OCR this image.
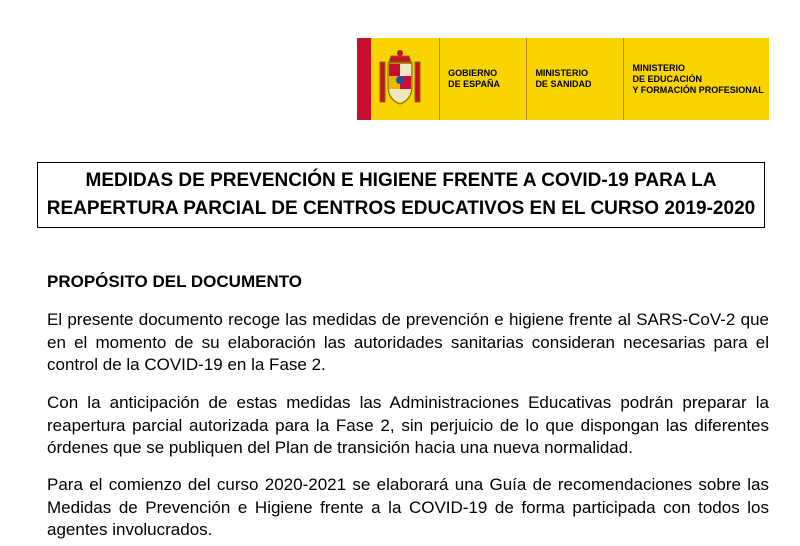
GOBIERNO
DE ESPAÑA
MINISTERIO
DE SANIDAD
MINISTERIO
DE EDUCACIÓN
Y FORMACIÓN PROFESIONAL
MEDIDAS DE PREVENCIÓN E HIGIENE FRENTE A COVID-19 PARA LA
REAPERTURA PARCIAL DE CENTROS EDUCATIVOS EN EL CURSO 2019-2020
PROPÓSITO DEL DOCUMENTO

El presente documento recoge las medidas de prevención e higiene frente al SARS-CoV-2 que en el momento de su elaboración las autoridades sanitarias consideran necesarias para el control de la COVID-19 en la Fase 2.

Con la anticipación de estas medidas las Administraciones Educativas podrán preparar la reapertura parcial autorizada para la Fase 2, sin perjuicio de lo que dispongan las diferentes órdenes que se publiquen del Plan de transición hacia una nueva normalidad.

Para el comienzo del curso 2020-2021 se elaborará una Guía de recomendaciones sobre las Medidas de Prevención e Higiene frente a la COVID-19 de forma participada con todos los agentes involucrados.
